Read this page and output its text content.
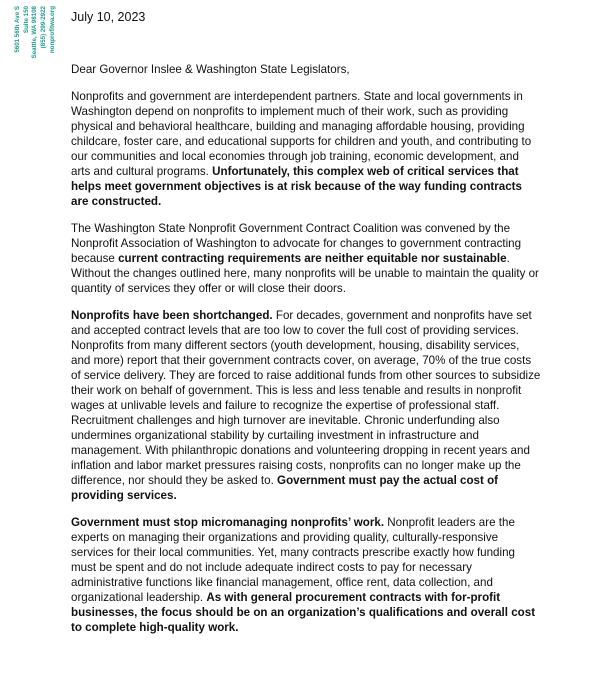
5601 56th Ave S Suite 150 Seattle, WA 98108 (855) 299-2922 nonprofitwa.org July 10, 2023

Dear Governor Inslee & Washington State Legislators,

Nonprofits and government are interdependent partners. State and local governments in Washington depend on nonprofits to implement much of their work, such as providing physical and behavioral healthcare, building and managing affordable housing, providing childcare, foster care, and educational supports for children and youth, and contributing to our communities and local economies through job training, economic development, and arts and cultural programs. Unfortunately, this complex web of critical services that helps meet government objectives is at risk because of the way funding contracts are constructed.

The Washington State Nonprofit Government Contract Coalition was convened by the Nonprofit Association of Washington to advocate for changes to government contracting because current contracting requirements are neither equitable nor sustainable. Without the changes outlined here, many nonprofits will be unable to maintain the quality or quantity of services they offer or will close their doors.

Nonprofits have been shortchanged. For decades, government and nonprofits have set and accepted contract levels that are too low to cover the full cost of providing services. Nonprofits from many different sectors (youth development, housing, disability services, and more) report that their government contracts cover, on average, 70% of the true costs of service delivery. They are forced to raise additional funds from other sources to subsidize their work on behalf of government. This is less and less tenable and results in nonprofit wages at unlivable levels and failure to recognize the expertise of professional staff. Recruitment challenges and high turnover are inevitable. Chronic underfunding also undermines organizational stability by curtailing investment in infrastructure and management. With philanthropic donations and volunteering dropping in recent years and inflation and labor market pressures raising costs, nonprofits can no longer make up the difference, nor should they be asked to. Government must pay the actual cost of providing services.

Government must stop micromanaging nonprofits’ work. Nonprofit leaders are the experts on managing their organizations and providing quality, culturally-responsive services for their local communities. Yet, many contracts prescribe exactly how funding must be spent and do not include adequate indirect costs to pay for necessary administrative functions like financial management, office rent, data collection, and organizational leadership. As with general procurement contracts with for-profit businesses, the focus should be on an organization’s qualifications and overall cost to complete high-quality work.
